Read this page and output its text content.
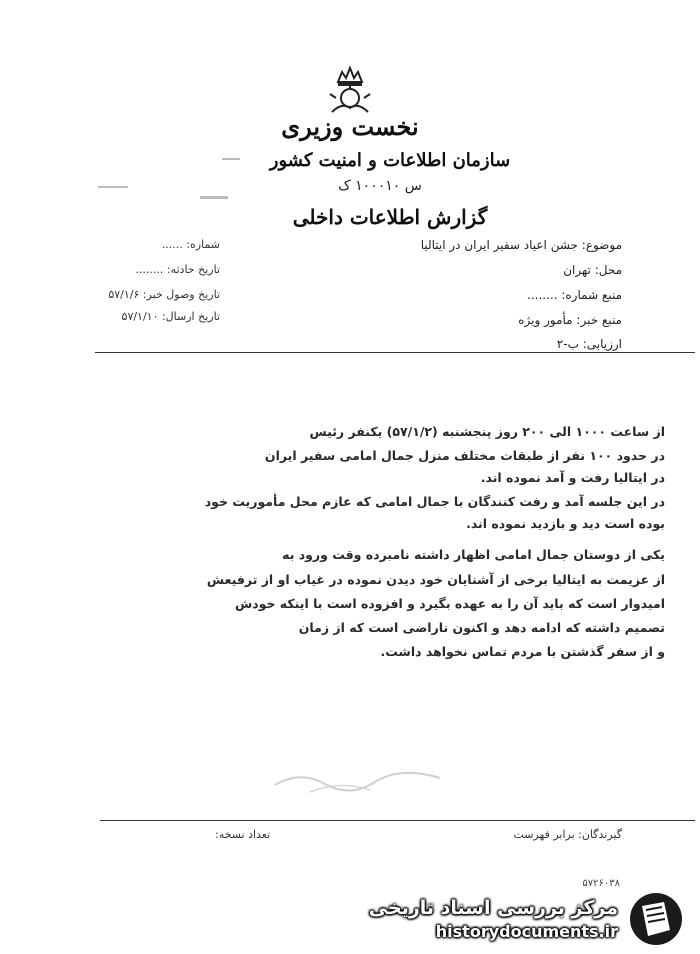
نخست وزیری
سازمان اطلاعات و امنیت کشور
س ۱۰۰۰۱۰ ک
گزارش اطلاعات داخلی
موضوع: جشن اعیاد سفیر ایران در ایتالیا
محل: تهران
منبع شماره: ........
منبع خبر: مأمور ویژه
ارزیابی: ب-۲
شماره: ......
تاریخ حادثه: ........
تاریخ وصول خبر: ۵۷/۱/۶
تاریخ ارسال: ۵۷/۱/۱۰
از ساعت ۱۰۰۰ الی ۲۰۰ روز پنجشنبه (۵۷/۱/۲) یکنفر رئیس
در حدود ۱۰۰ نفر از طبقات مختلف منزل جمال امامی سفیر ایران
در ایتالیا رفت و آمد نموده اند.
در این جلسه آمد و رفت کنندگان با جمال امامی که عازم محل مأموریت خود
بوده است دید و بازدید نموده اند.
یکی از دوستان جمال امامی اظهار داشته نامبرده وقت ورود به
از عزیمت به ایتالیا برخی از آشنایان خود دیدن نموده در غیاب او از ترفیعش
امیدوار است که باید آن را به عهده بگیرد و افزوده است با اینکه خودش
تصمیم داشته که ادامه دهد و اکنون ناراضی است که از زمان
و از سفر گذشتن با مردم تماس نخواهد داشت.
گیرندگان: برابر فهرست
تعداد نسخه:
۵۷۲۶۰۳۸
مرکز بررسی اسناد تاریخی
historydocuments.ir
